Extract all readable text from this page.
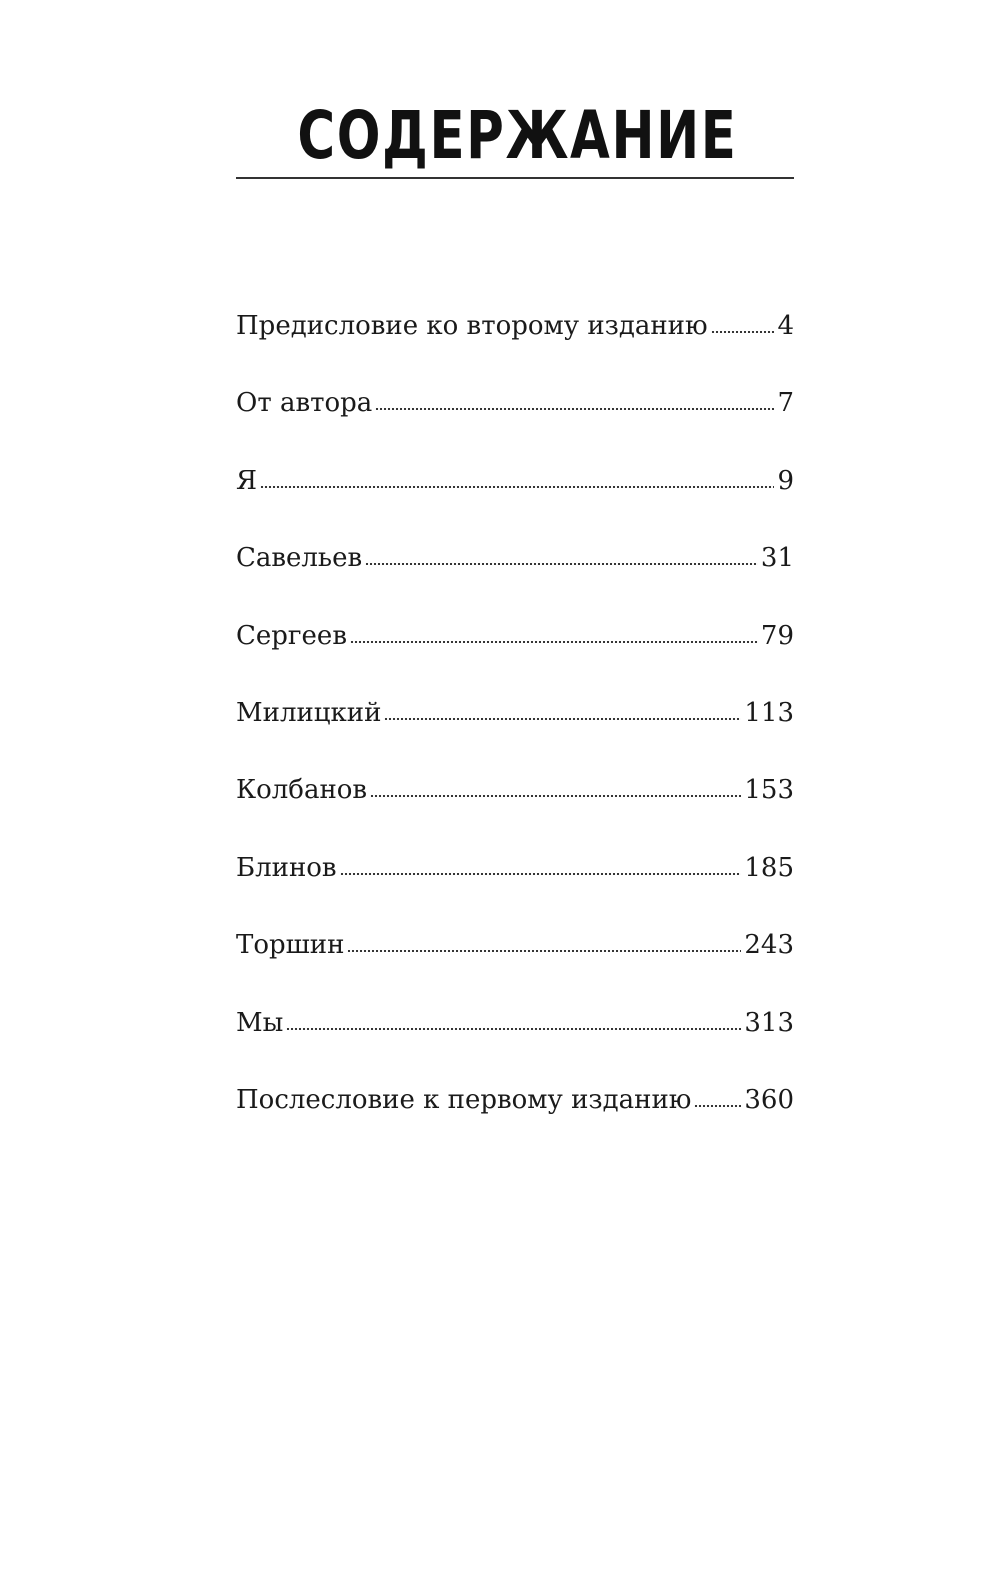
СОДЕРЖАНИЕ
Предисловие ко второму изданию	4
От автора	7
Я	9
Савельев	31
Сергеев	79
Милицкий	113
Колбанов	153
Блинов	185
Торшин	243
Мы	313
Послесловие к первому изданию 360
